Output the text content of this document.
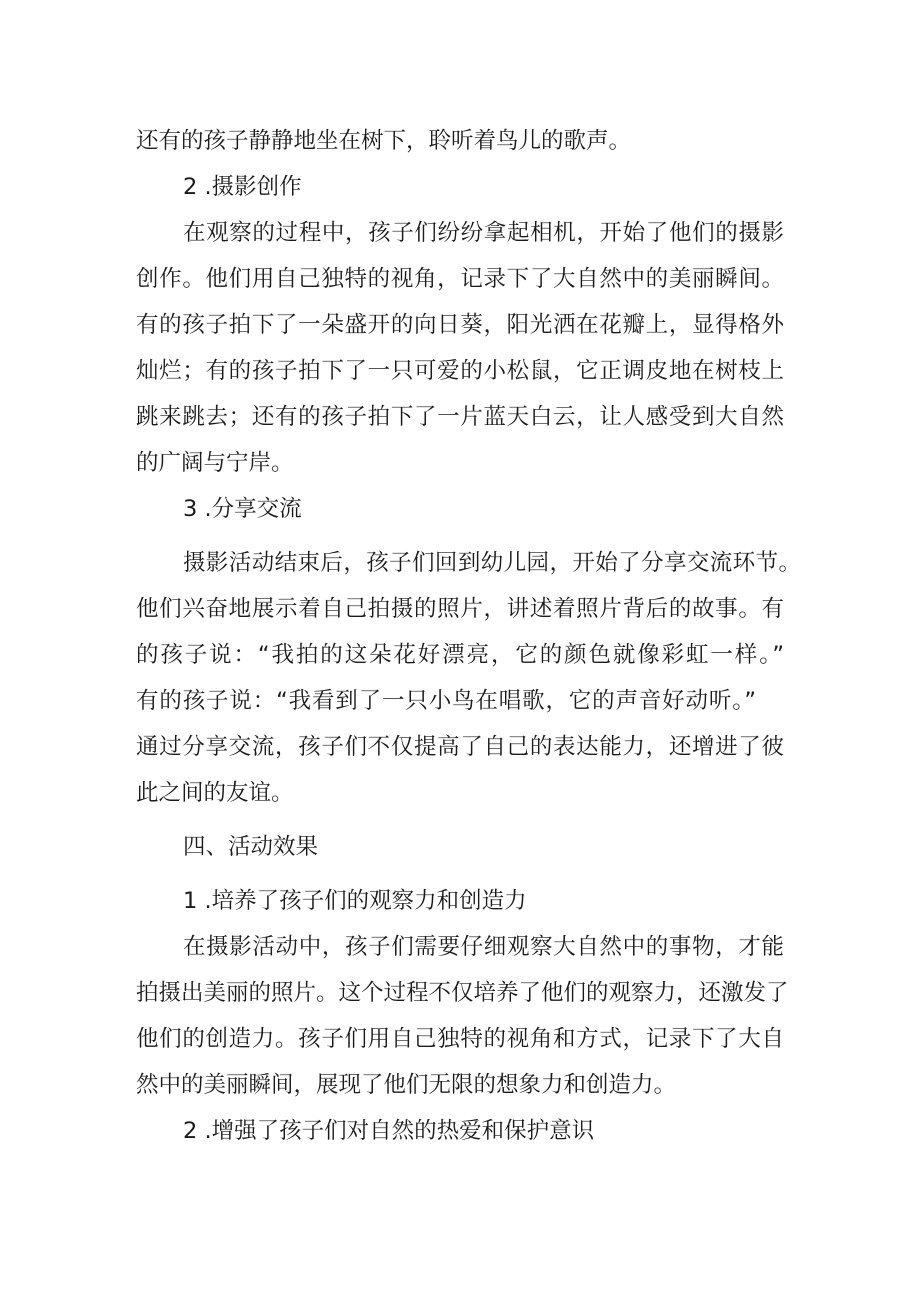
还有的孩子静静地坐在树下，聆听着鸟儿的歌声。

2 .摄影创作

在观察的过程中，孩子们纷纷拿起相机，开始了他们的摄影

创作。他们用自己独特的视角，记录下了大自然中的美丽瞬间。

有的孩子拍下了一朵盛开的向日葵，阳光洒在花瓣上，显得格外

灿烂；有的孩子拍下了一只可爱的小松鼠，它正调皮地在树枝上

跳来跳去；还有的孩子拍下了一片蓝天白云，让人感受到大自然

的广阔与宁岸。

3 .分享交流

摄影活动结束后，孩子们回到幼儿园，开始了分享交流环节。

他们兴奋地展示着自己拍摄的照片，讲述着照片背后的故事。有

的孩子说：“我拍的这朵花好漂亮，它的颜色就像彩虹一样。”

有的孩子说：“我看到了一只小鸟在唱歌，它的声音好动听。”

通过分享交流，孩子们不仅提高了自己的表达能力，还增进了彼

此之间的友谊。

四、活动效果

1 .培养了孩子们的观察力和创造力

在摄影活动中，孩子们需要仔细观察大自然中的事物，才能

拍摄出美丽的照片。这个过程不仅培养了他们的观察力，还激发了

他们的创造力。孩子们用自己独特的视角和方式，记录下了大自

然中的美丽瞬间，展现了他们无限的想象力和创造力。

2 .增强了孩子们对自然的热爱和保护意识
